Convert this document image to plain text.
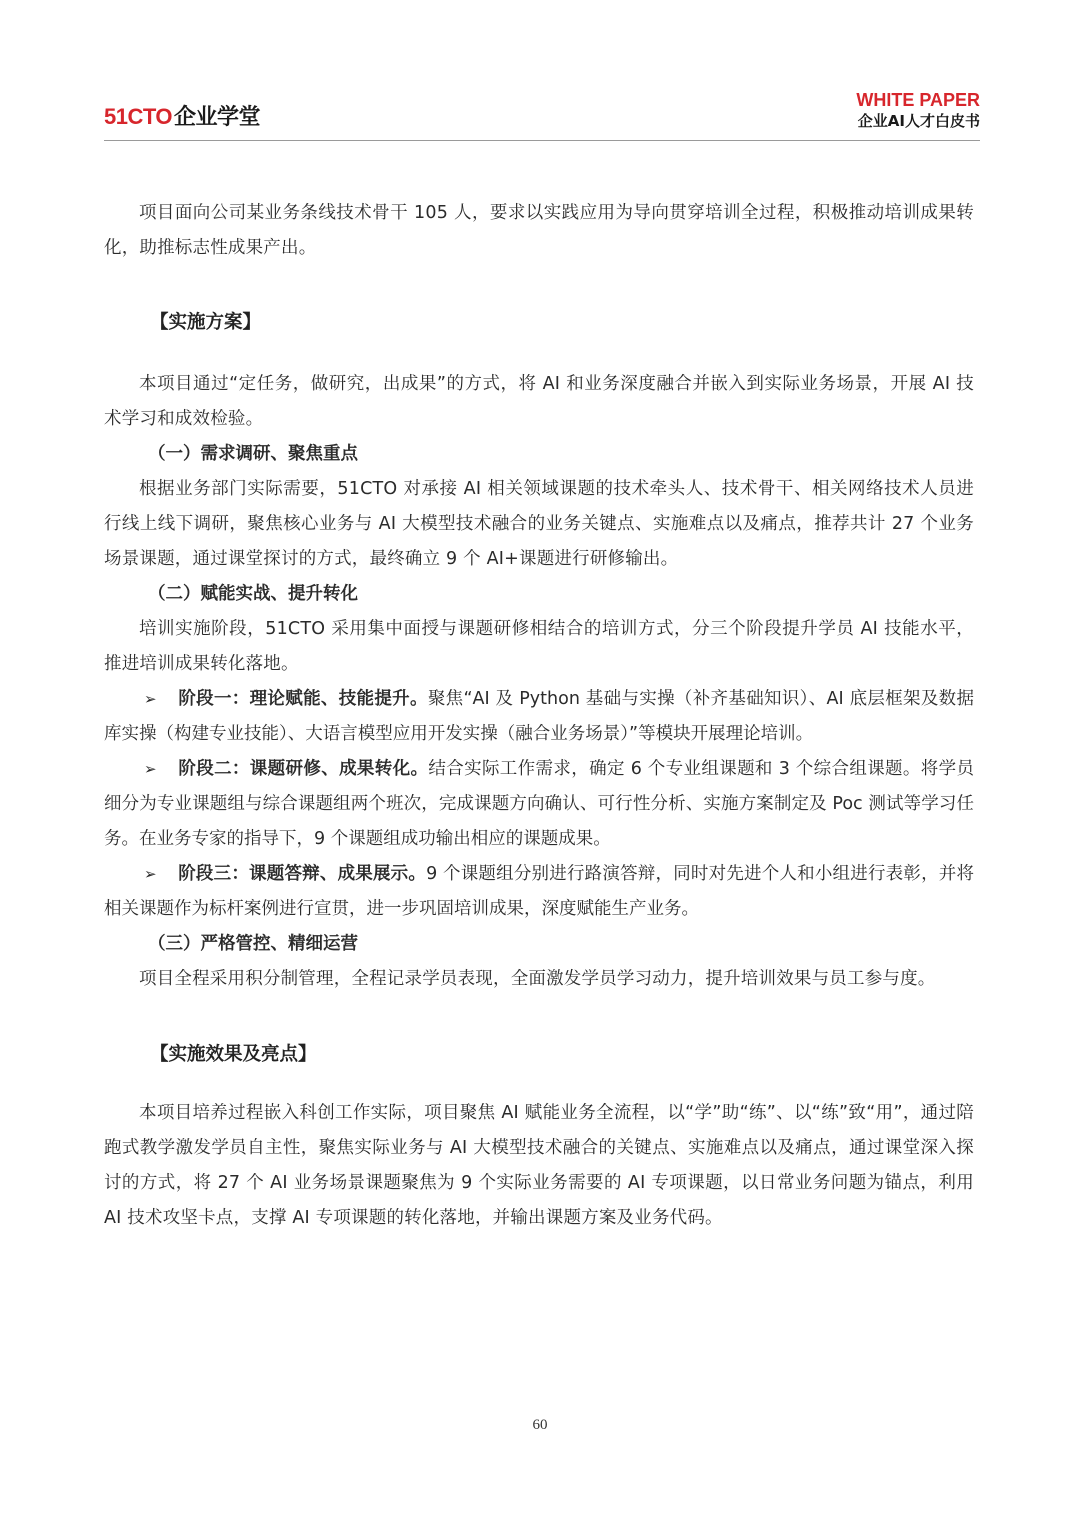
51CTO企业学堂
WHITE PAPER
企业AI人才白皮书

项目面向公司某业务条线技术骨干 105 人，要求以实践应用为导向贯穿培训全过程，积极推动培训成果转化，助推标志性成果产出。

【实施方案】

本项目通过“定任务，做研究，出成果”的方式，将 AI 和业务深度融合并嵌入到实际业务场景，开展 AI 技术学习和成效检验。

（一）需求调研、聚焦重点

根据业务部门实际需要，51CTO 对承接 AI 相关领域课题的技术牵头人、技术骨干、相关网络技术人员进行线上线下调研，聚焦核心业务与 AI 大模型技术融合的业务关键点、实施难点以及痛点，推荐共计 27 个业务场景课题，通过课堂探讨的方式，最终确立 9 个 AI+课题进行研修输出。

（二）赋能实战、提升转化

培训实施阶段，51CTO 采用集中面授与课题研修相结合的培训方式，分三个阶段提升学员 AI 技能水平，推进培训成果转化落地。

➢ 阶段一：理论赋能、技能提升。聚焦“AI 及 Python 基础与实操（补齐基础知识）、AI 底层框架及数据库实操（构建专业技能）、大语言模型应用开发实操（融合业务场景）”等模块开展理论培训。

➢ 阶段二：课题研修、成果转化。结合实际工作需求，确定 6 个专业组课题和 3 个综合组课题。将学员细分为专业课题组与综合课题组两个班次，完成课题方向确认、可行性分析、实施方案制定及 Poc 测试等学习任务。在业务专家的指导下，9 个课题组成功输出相应的课题成果。

➢ 阶段三：课题答辩、成果展示。9 个课题组分别进行路演答辩，同时对先进个人和小组进行表彰，并将相关课题作为标杆案例进行宣贯，进一步巩固培训成果，深度赋能生产业务。

（三）严格管控、精细运营

项目全程采用积分制管理，全程记录学员表现，全面激发学员学习动力，提升培训效果与员工参与度。

【实施效果及亮点】

本项目培养过程嵌入科创工作实际，项目聚焦 AI 赋能业务全流程，以“学”助“练”、以“练”致“用”，通过陪跑式教学激发学员自主性，聚焦实际业务与 AI 大模型技术融合的关键点、实施难点以及痛点，通过课堂深入探讨的方式，将 27 个 AI 业务场景课题聚焦为 9 个实际业务需要的 AI 专项课题，以日常业务问题为锚点，利用 AI 技术攻坚卡点，支撑 AI 专项课题的转化落地，并输出课题方案及业务代码。

60
